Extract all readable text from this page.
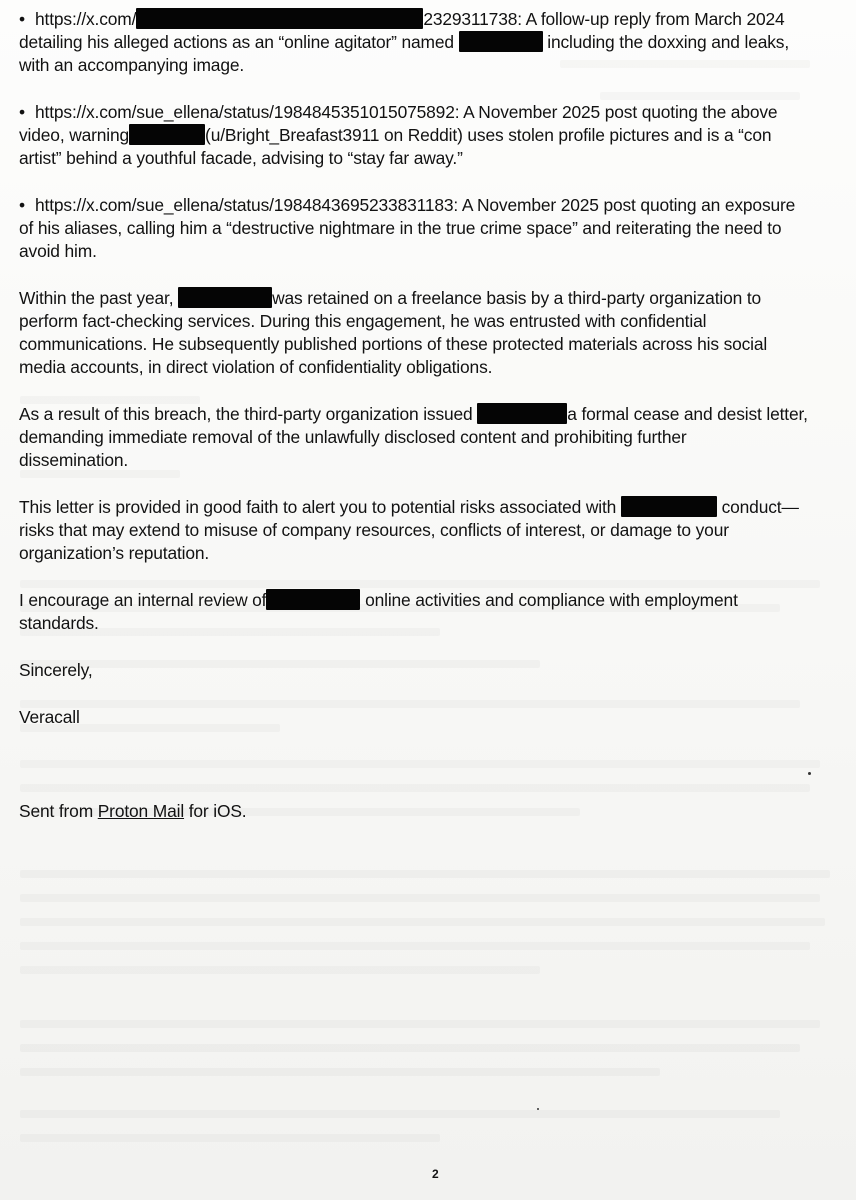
• https://x.com/	2329311738: A follow-up reply from March 2024
detailing his alleged actions as an “online agitator” named	including the doxxing and leaks,
with an accompanying image.
• https://x.com/sue_ellena/status/1984845351015075892: A November 2025 post quoting the above
video, warning	(u/Bright_Breafast3911 on Reddit) uses stolen profile pictures and is a “con
artist” behind a youthful facade, advising to “stay far away.”
• https://x.com/sue_ellena/status/1984843695233831183: A November 2025 post quoting an exposure
of his aliases, calling him a “destructive nightmare in the true crime space” and reiterating the need to
avoid him.
Within the past year,	was retained on a freelance basis by a third-party organization to
perform fact-checking services. During this engagement, he was entrusted with confidential
communications. He subsequently published portions of these protected materials across his social
media accounts, in direct violation of confidentiality obligations.
As a result of this breach, the third-party organization issued	a formal cease and desist letter,
demanding immediate removal of the unlawfully disclosed content and prohibiting further
dissemination.
This letter is provided in good faith to alert you to potential risks associated with	conduct—
risks that may extend to misuse of company resources, conflicts of interest, or damage to your
organization’s reputation.
I encourage an internal review of	online activities and compliance with employment
standards.
Sincerely,
Veracall
Sent from Proton Mail for iOS.
2
